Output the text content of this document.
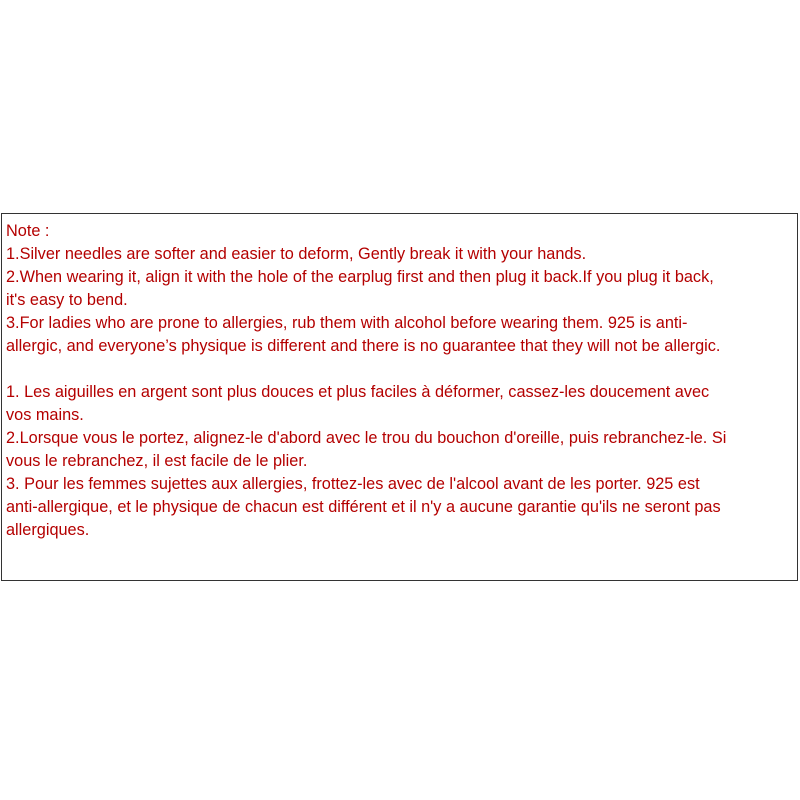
Note :
1.Silver needles are softer and easier to deform, Gently break it with your hands.
2.When wearing it, align it with the hole of the earplug first and then plug it back.If you plug it back,
it's easy to bend.
3.For ladies who are prone to allergies, rub them with alcohol before wearing them. 925 is anti-
allergic, and everyone’s physique is different and there is no guarantee that they will not be allergic.
1. Les aiguilles en argent sont plus douces et plus faciles à déformer, cassez-les doucement avec
vos mains.
2.Lorsque vous le portez, alignez-le d'abord avec le trou du bouchon d'oreille, puis rebranchez-le. Si
vous le rebranchez, il est facile de le plier.
3. Pour les femmes sujettes aux allergies, frottez-les avec de l'alcool avant de les porter. 925 est
anti-allergique, et le physique de chacun est différent et il n'y a aucune garantie qu'ils ne seront pas
allergiques.
